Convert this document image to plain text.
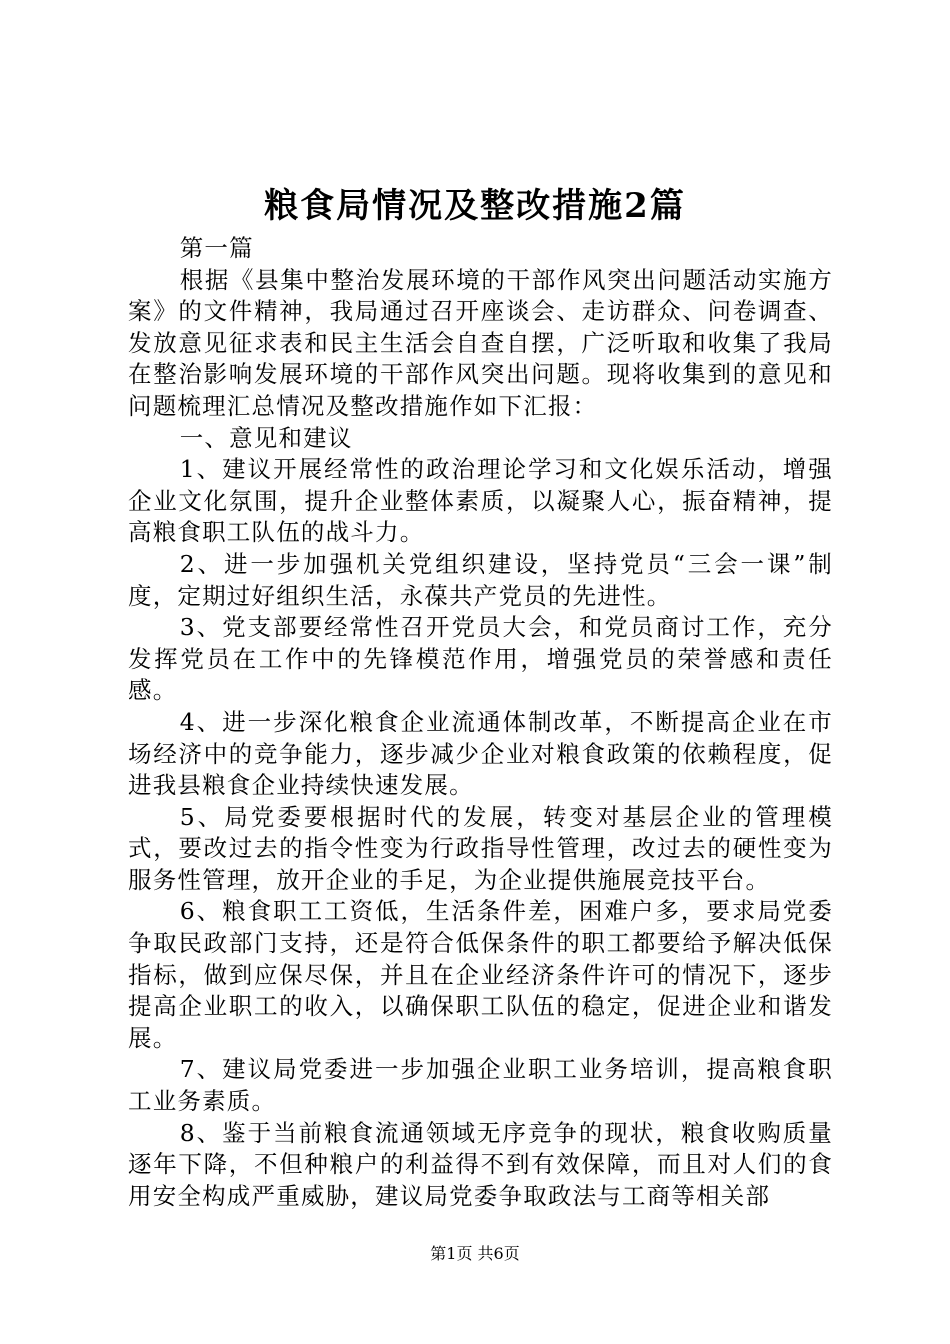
粮食局情况及整改措施2篇

第一篇

根据《县集中整治发展环境的干部作风突出问题活动实施方案》的文件精神，我局通过召开座谈会、走访群众、问卷调查、发放意见征求表和民主生活会自查自摆，广泛听取和收集了我局在整治影响发展环境的干部作风突出问题。现将收集到的意见和问题梳理汇总情况及整改措施作如下汇报：

一、意见和建议

1、建议开展经常性的政治理论学习和文化娱乐活动，增强企业文化氛围，提升企业整体素质，以凝聚人心，振奋精神，提高粮食职工队伍的战斗力。

2、进一步加强机关党组织建设，坚持党员“三会一课”制度，定期过好组织生活，永葆共产党员的先进性。

3、党支部要经常性召开党员大会，和党员商讨工作，充分发挥党员在工作中的先锋模范作用，增强党员的荣誉感和责任感。

4、进一步深化粮食企业流通体制改革，不断提高企业在市场经济中的竞争能力，逐步减少企业对粮食政策的依赖程度，促进我县粮食企业持续快速发展。

5、局党委要根据时代的发展，转变对基层企业的管理模式，要改过去的指令性变为行政指导性管理，改过去的硬性变为服务性管理，放开企业的手足，为企业提供施展竞技平台。

6、粮食职工工资低，生活条件差，困难户多，要求局党委争取民政部门支持，还是符合低保条件的职工都要给予解决低保指标，做到应保尽保，并且在企业经济条件许可的情况下，逐步提高企业职工的收入，以确保职工队伍的稳定，促进企业和谐发展。

7、建议局党委进一步加强企业职工业务培训，提高粮食职工业务素质。

8、鉴于当前粮食流通领域无序竞争的现状，粮食收购质量逐年下降，不但种粮户的利益得不到有效保障，而且对人们的食用安全构成严重威胁，建议局党委争取政法与工商等相关部

第1页 共6页
